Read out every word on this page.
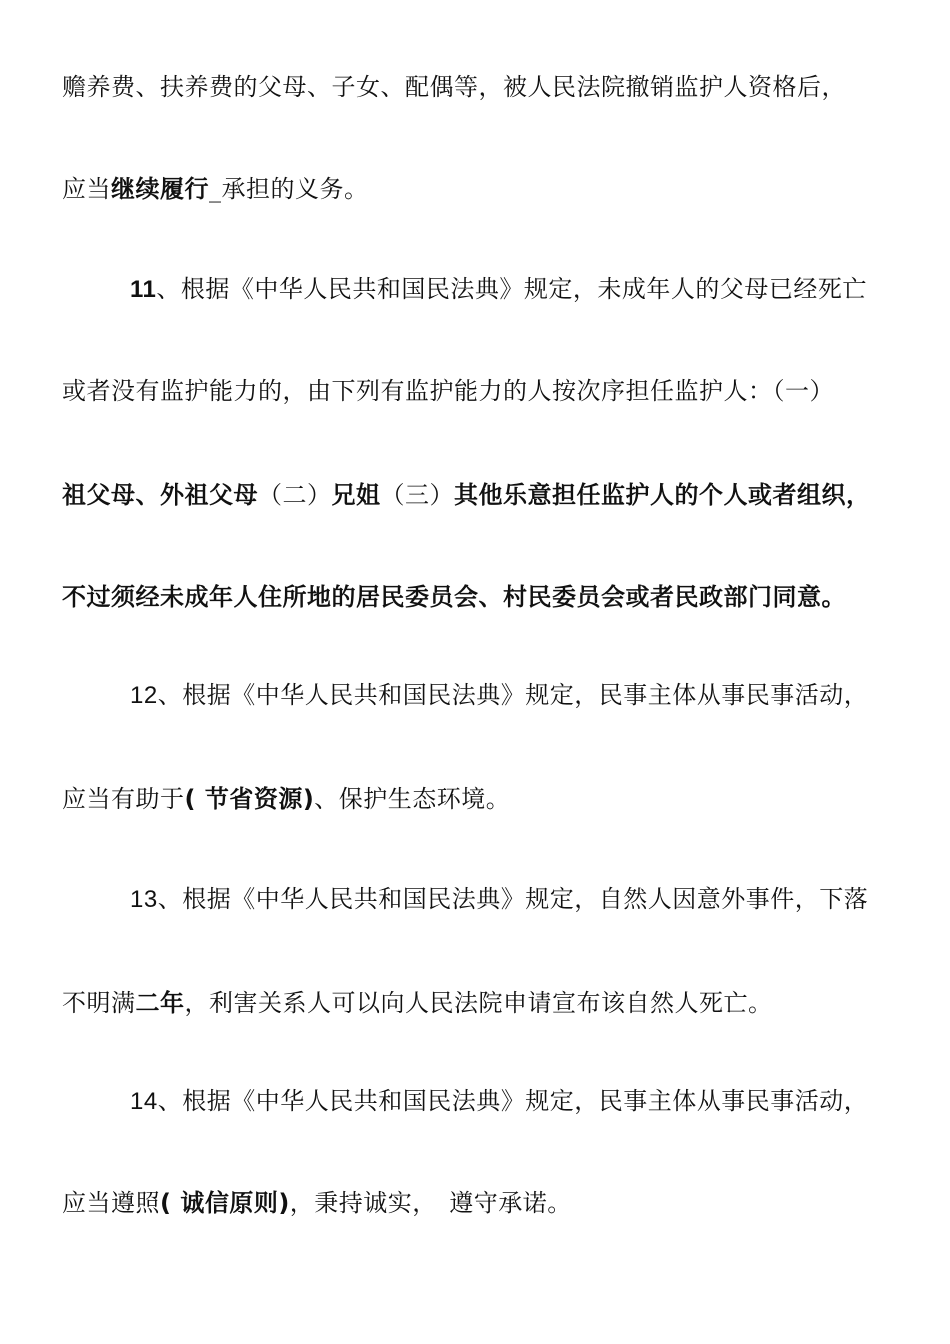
赡养费、扶养费的父母、子女、配偶等，被人民法院撤销监护人资格后，
应当继续履行_承担的义务。
11、根据《中华人民共和国民法典》规定，未成年人的父母已经死亡
或者没有监护能力的，由下列有监护能力的人按次序担任监护人：（一）
祖父母、外祖父母（二）兄姐（三）其他乐意担任监护人的个人或者组织，
不过须经未成年人住所地的居民委员会、村民委员会或者民政部门同意。
12、根据《中华人民共和国民法典》规定，民事主体从事民事活动，
应当有助于( 节省资源)、保护生态环境。
13、根据《中华人民共和国民法典》规定，自然人因意外事件，下落
不明满二年，利害关系人可以向人民法院申请宣布该自然人死亡。
14、根据《中华人民共和国民法典》规定，民事主体从事民事活动，
应当遵照( 诚信原则)，秉持诚实，　遵守承诺。
